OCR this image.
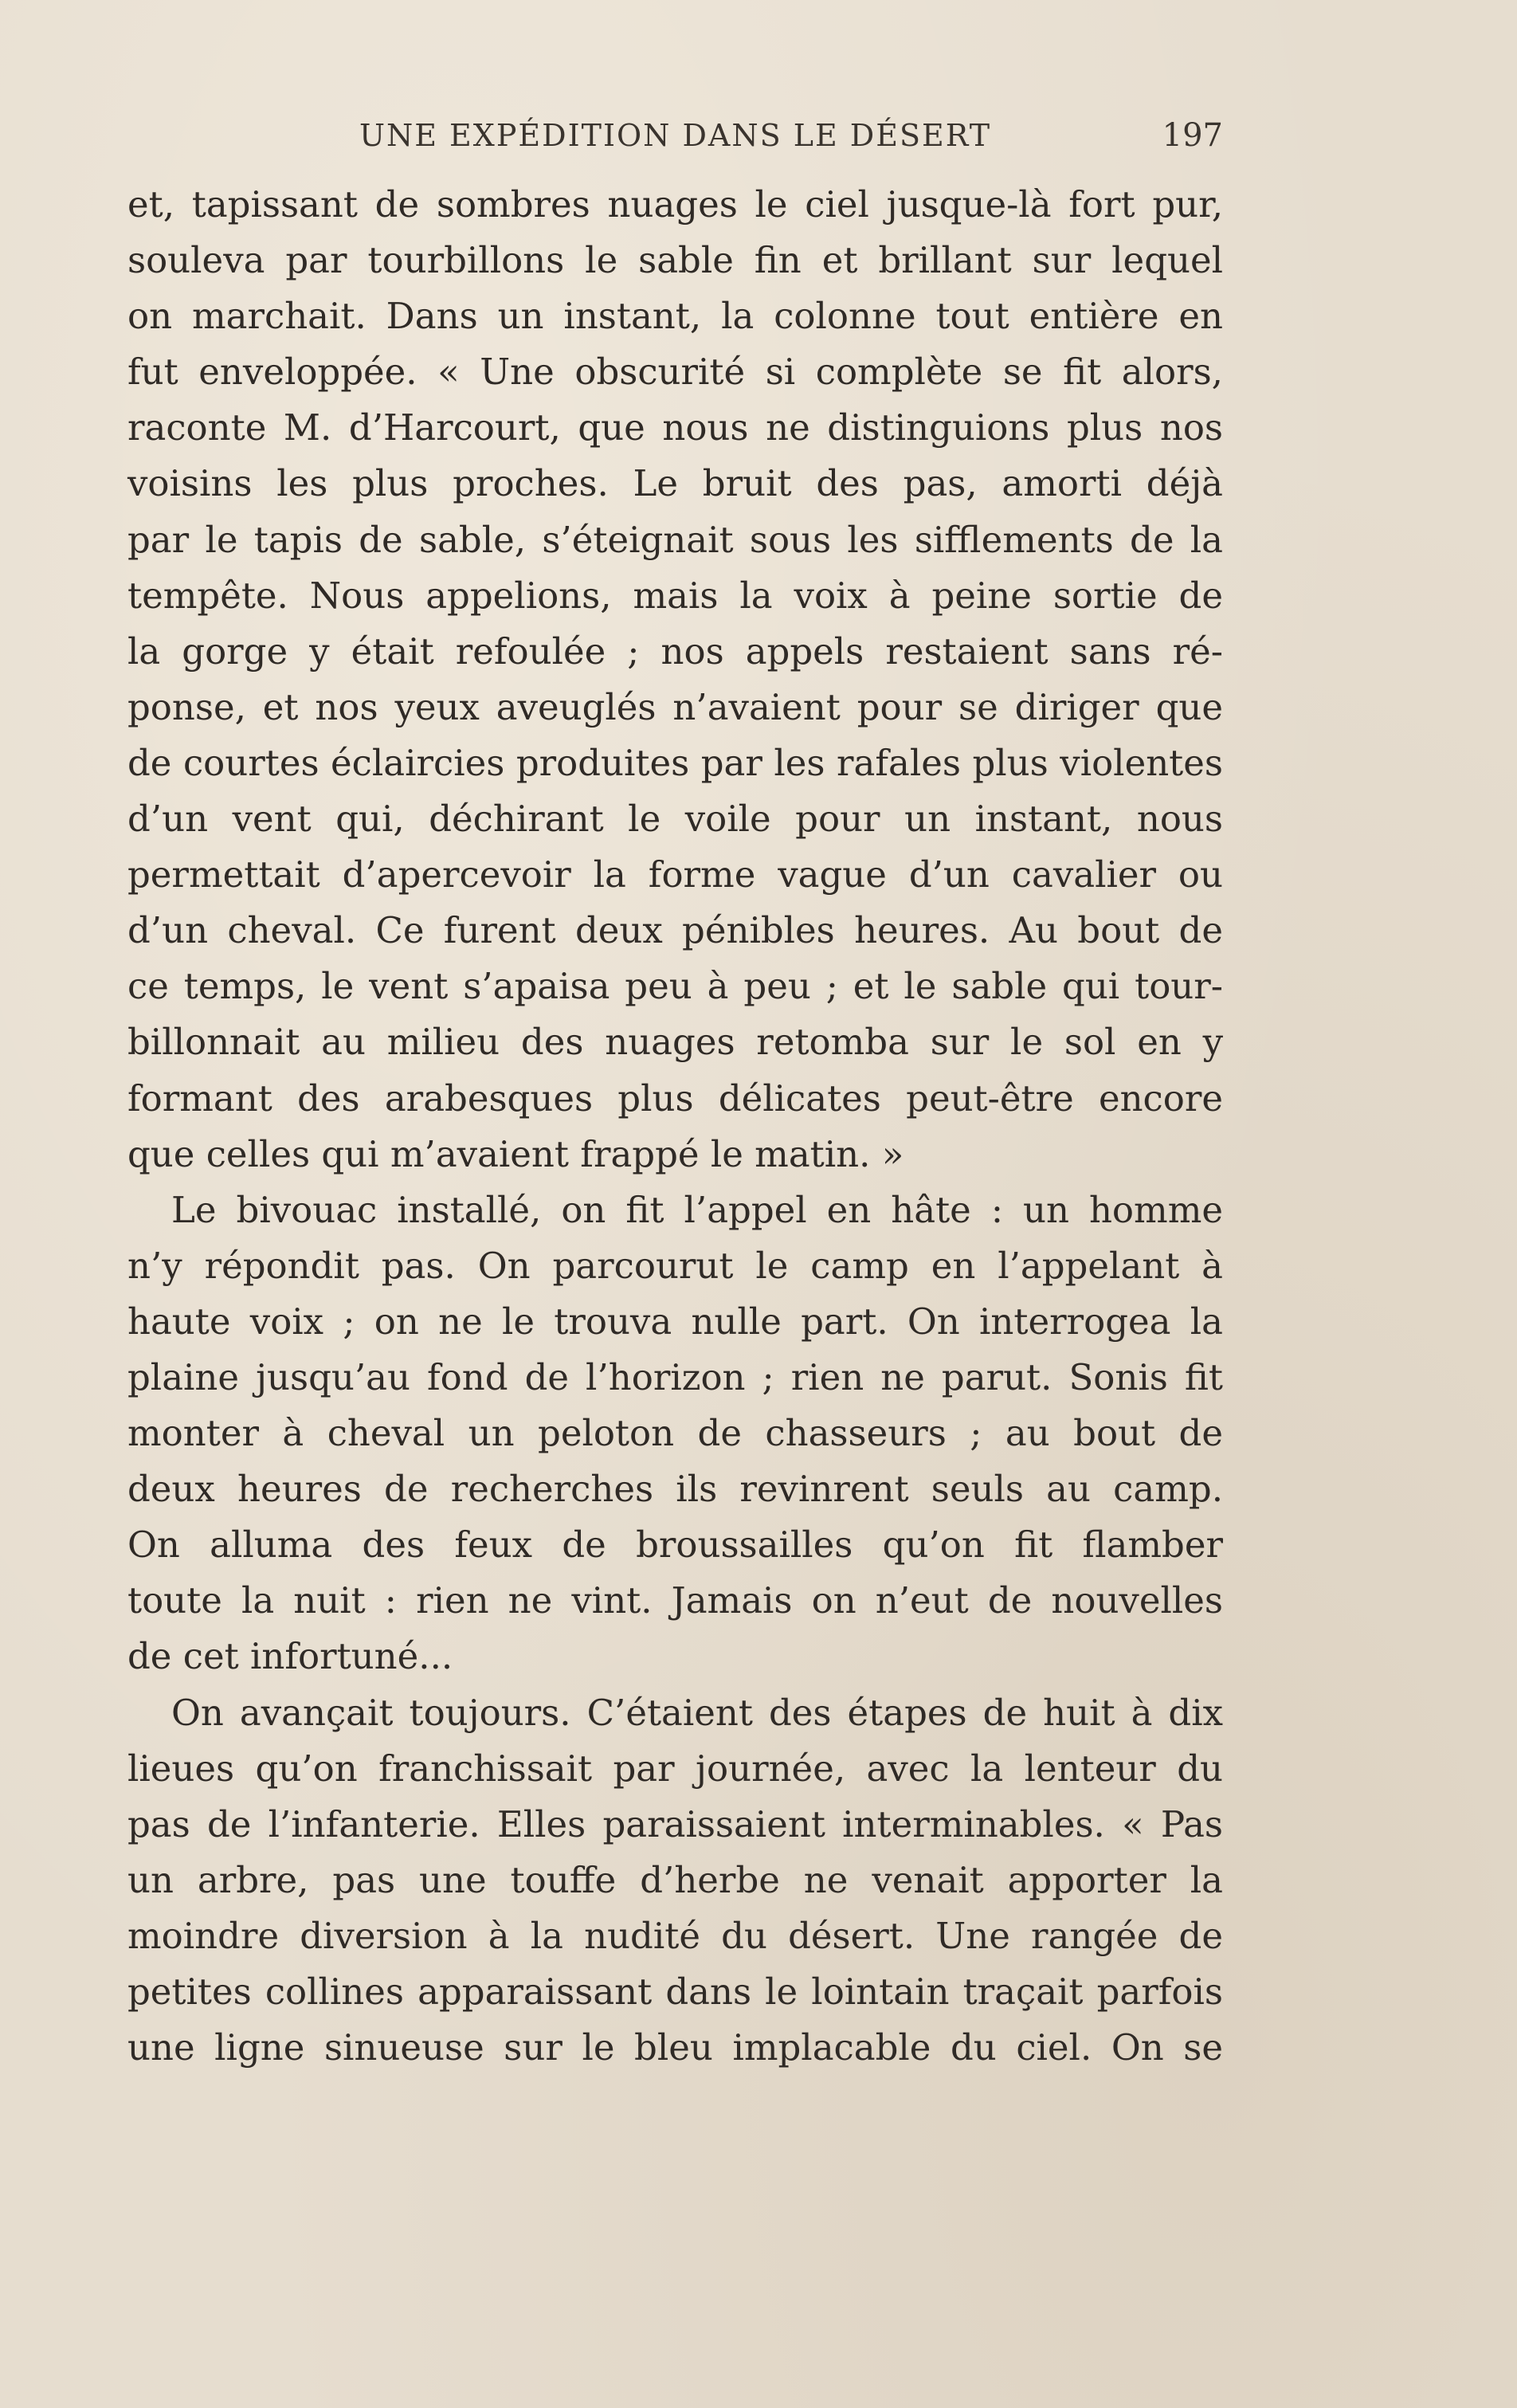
UNE EXPÉDITION DANS LE DÉSERT	197
et, tapissant de sombres nuages le ciel jusque-là fort pur,
souleva par tourbillons le sable fin et brillant sur lequel
on marchait. Dans un instant, la colonne tout entière en
fut enveloppée. « Une obscurité si complète se fit alors,
raconte M. d’Harcourt, que nous ne distinguions plus nos
voisins les plus proches. Le bruit des pas, amorti déjà
par le tapis de sable, s’éteignait sous les sifflements de la
tempête. Nous appelions, mais la voix à peine sortie de
la gorge y était refoulée ; nos appels restaient sans ré-
ponse, et nos yeux aveuglés n’avaient pour se diriger que
de courtes éclaircies produites par les rafales plus violentes
d’un vent qui, déchirant le voile pour un instant, nous
permettait d’apercevoir la forme vague d’un cavalier ou
d’un cheval. Ce furent deux pénibles heures. Au bout de
ce temps, le vent s’apaisa peu à peu ; et le sable qui tour-
billonnait au milieu des nuages retomba sur le sol en y
formant des arabesques plus délicates peut-être encore
que celles qui m’avaient frappé le matin. »
Le bivouac installé, on fit l’appel en hâte : un homme
n’y répondit pas. On parcourut le camp en l’appelant à
haute voix ; on ne le trouva nulle part. On interrogea la
plaine jusqu’au fond de l’horizon ; rien ne parut. Sonis fit
monter à cheval un peloton de chasseurs ; au bout de
deux heures de recherches ils revinrent seuls au camp.
On alluma des feux de broussailles qu’on fit flamber
toute la nuit : rien ne vint. Jamais on n’eut de nouvelles
de cet infortuné...
On avançait toujours. C’étaient des étapes de huit à dix
lieues qu’on franchissait par journée, avec la lenteur du
pas de l’infanterie. Elles paraissaient interminables. « Pas
un arbre, pas une touffe d’herbe ne venait apporter la
moindre diversion à la nudité du désert. Une rangée de
petites collines apparaissant dans le lointain traçait parfois
une ligne sinueuse sur le bleu implacable du ciel. On se
